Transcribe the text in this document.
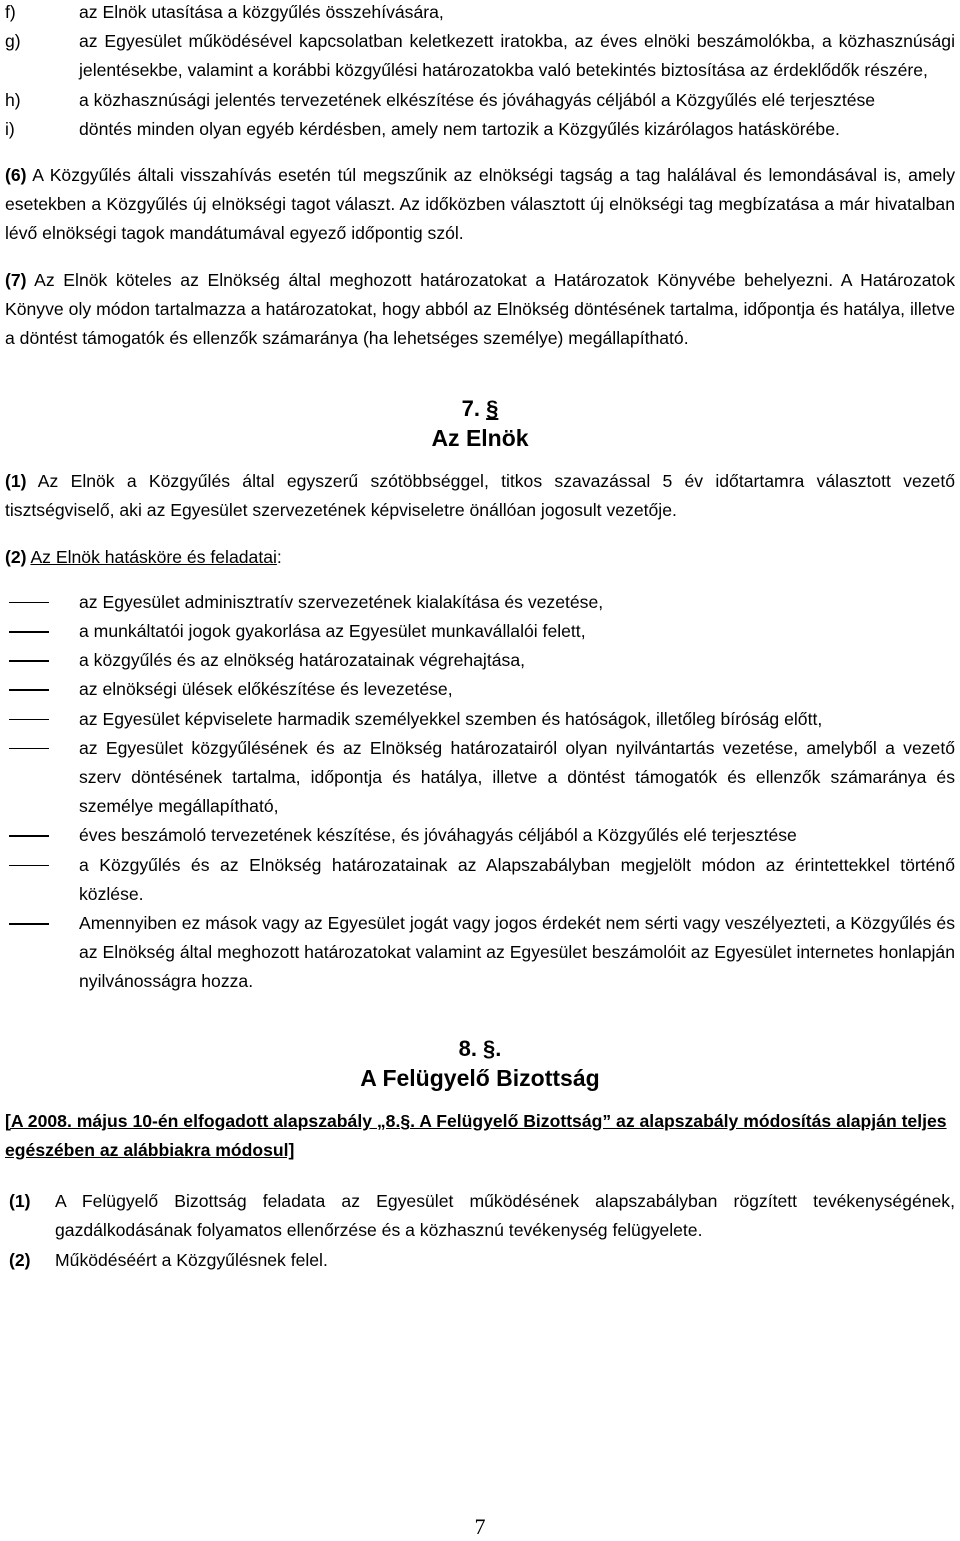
f)	az Elnök utasítása a közgyűlés összehívására,
g)	az Egyesület működésével kapcsolatban keletkezett iratokba, az éves elnöki beszámolókba, a közhasznúsági jelentésekbe, valamint a korábbi közgyűlési határozatokba való betekintés biztosítása az érdeklődők részére,
h)	a közhasznúsági jelentés tervezetének elkészítése és jóváhagyás céljából a Közgyűlés elé terjesztése
i)	döntés minden olyan egyéb kérdésben, amely nem tartozik a Közgyűlés kizárólagos hatáskörébe.
(6) A Közgyűlés általi visszahívás esetén túl megszűnik az elnökségi tagság a tag halálával és lemondásával is, amely esetekben a Közgyűlés új elnökségi tagot választ. Az időközben választott új elnökségi tag megbízatása a már hivatalban lévő elnökségi tagok mandátumával egyező időpontig szól.
(7) Az Elnök köteles az Elnökség által meghozott határozatokat a Határozatok Könyvébe behelyezni. A Határozatok Könyve oly módon tartalmazza a határozatokat, hogy abból az Elnökség döntésének tartalma, időpontja és hatálya, illetve a döntést támogatók és ellenzők számaránya (ha lehetséges személye) megállapítható.
7. §
Az Elnök
(1) Az Elnök a Közgyűlés által egyszerű szótöbbséggel, titkos szavazással 5 év időtartamra választott vezető tisztségviselő, aki az Egyesület szervezetének képviseletre önállóan jogosult vezetője.
(2) Az Elnök hatásköre és feladatai:
az Egyesület adminisztratív szervezetének kialakítása és vezetése,
a munkáltatói jogok gyakorlása az Egyesület munkavállalói felett,
a közgyűlés és az elnökség határozatainak végrehajtása,
az elnökségi ülések előkészítése és levezetése,
az Egyesület képviselete harmadik személyekkel szemben és hatóságok, illetőleg bíróság előtt,
az Egyesület közgyűlésének és az Elnökség határozatairól olyan nyilvántartás vezetése, amelyből a vezető szerv döntésének tartalma, időpontja és hatálya, illetve a döntést támogatók és ellenzők számaránya és személye megállapítható,
éves beszámoló tervezetének készítése, és jóváhagyás céljából a Közgyűlés elé terjesztése
a Közgyűlés és az Elnökség határozatainak az Alapszabályban megjelölt módon az érintettekkel történő közlése.
Amennyiben ez mások vagy az Egyesület jogát vagy jogos érdekét nem sérti vagy veszélyezteti, a Közgyűlés és az Elnökség által meghozott határozatokat valamint az Egyesület beszámolóit az Egyesület internetes honlapján nyilvánosságra hozza.
8. §.
A Felügyelő Bizottság
[A 2008. május 10-én elfogadott alapszabály „8.§. A Felügyelő Bizottság” az alapszabály módosítás alapján teljes egészében az alábbiakra módosul]
(1) A Felügyelő Bizottság feladata az Egyesület működésének alapszabályban rögzített tevékenységének, gazdálkodásának folyamatos ellenőrzése és a közhasznú tevékenység felügyelete.
(2) Működéséért a Közgyűlésnek felel.
7
